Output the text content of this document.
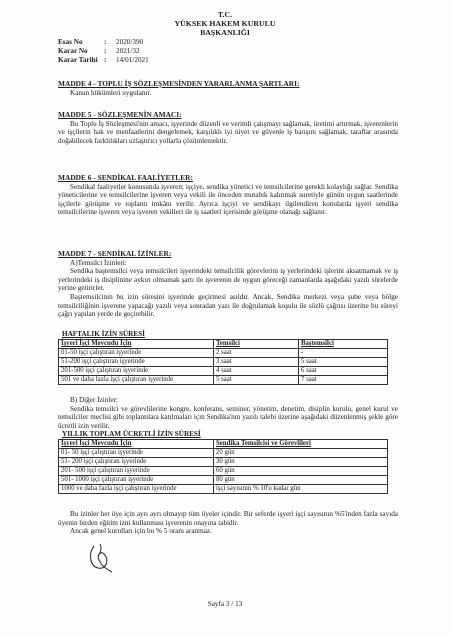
T.C.
YÜKSEK HAKEM KURULU
BAŞKANLIĞI
Esas No	:	2020/390
Karar No	:	2021/32
Karar Tarihi :	14/01/2021
MADDE 4 - TOPLU İŞ SÖZLEŞMESİNDEN YARARLANMA ŞARTLARI:

Kanun hükümleri uygulanır.

MADDE 5 - SÖZLEŞMENİN AMACI:

Bu Toplu İş Sözleşmesi'nin amacı, işyerinde düzenli ve verimli çalışmayı sağlamak, üretimi artırmak, işverenlerin ve işçilerin hak ve menfaatlerini dengelemek, karşılıklı iyi niyet ve güvenle iş barışını sağlamak, taraflar arasında doğabilecek farklılıkları uzlaştırıcı yollarla çözümlemektir.

MADDE 6 - SENDİKAL FAALİYETLER:

Sendikal faaliyetler konusunda işveren; işçiye, sendika yönetici ve temsilcilerine gerekli kolaylığı sağlar. Sendika yöneticilerine ve temsilcilerine işveren veya vekili ile önceden mutabık kalınmak suretiyle günün uygun saatlerinde işçilerle görüşme ve toplantı imkânı verilir. Ayrıca işçiyi ve sendikayı ilgilendiren konularda işyeri sendika temsilcilerine işveren veya işveren vekilleri ile iş saatleri içerisinde görüşme olanağı sağlanır.

MADDE 7 - SENDİKAL İZİNLER:

A)Temsilci İzinleri:

Sendika baştemsilci veya temsilcileri işyerindeki temsilcilik görevlerini iş yerlerindeki işlerini aksatmamak ve iş yerlerindeki iş disiplinine aykırı olmamak şartı ile işverenin de uygun göreceği zamanlarda aşağıdaki yazılı sürelerde yerine getirirler.

Baştemsilcinin bu izin süresini işyerinde geçirmesi asıldır. Ancak, Sendika merkezi veya şube veya bölge temsilciliğinin işverene yapacağı yazılı veya sonradan yazı ile doğrulamak koşulu ile sözlü çağrısı üzerine bu süreyi çağrı yapılan yerde de geçirebilir.

HAFTALIK İZİN SÜRESİ
İşyeri İşçi Mevcudu İçin	Temsilci	Baştemsilci
01-50 işçi çalıştıran işyerinde	2 saat	-
51-200 işçi çalıştıran işyerinde	3 saat	5 saat
201-500 işçi çalıştıran işyerinde	4 saat	6 saat
501 ve daha fazla işçi çalıştıran işyerinde	5 saat	7 saat

B) Diğer İzinler:

Sendika temsilci ve görevlilerine kongre, konferans, seminer, yönetim, denetim, disiplin kurulu, genel kurul ve temsilciler meclisi gibi toplantılara katılmaları için Sendika'nın yazılı talebi üzerine aşağıdaki düzenlenmiş şekle göre ücretli izin verilir.

YILLIK TOPLAM ÜCRETLİ İZİN SÜRESİ
İşyeri İşçi Mevcudu İçin	Sendika Temsilcisi ve Görevlileri
01- 50 işçi çalıştıran işyerinde	20 gün
51- 200 işçi çalıştıran işyerinde	30 gün
201- 500 işçi çalıştıran işyerinde	60 gün
501- 1000 işçi çalıştıran işyerinde	80 gün
1000 ve daha fazla işçi çalıştıran işyerinde	işçi sayısının % 10'u kadar gün

Bu izinler her üye için ayrı ayrı olmayıp tüm üyeler içindir. Bir seferde işyeri işçi sayısının %5'inden fazla sayıda üyenin birden eğitim izni kullanması işverenin onayına tabidir.

Ancak genel kurulları için bu % 5 oranı aranmaz.

Sayfa 3 / 13
